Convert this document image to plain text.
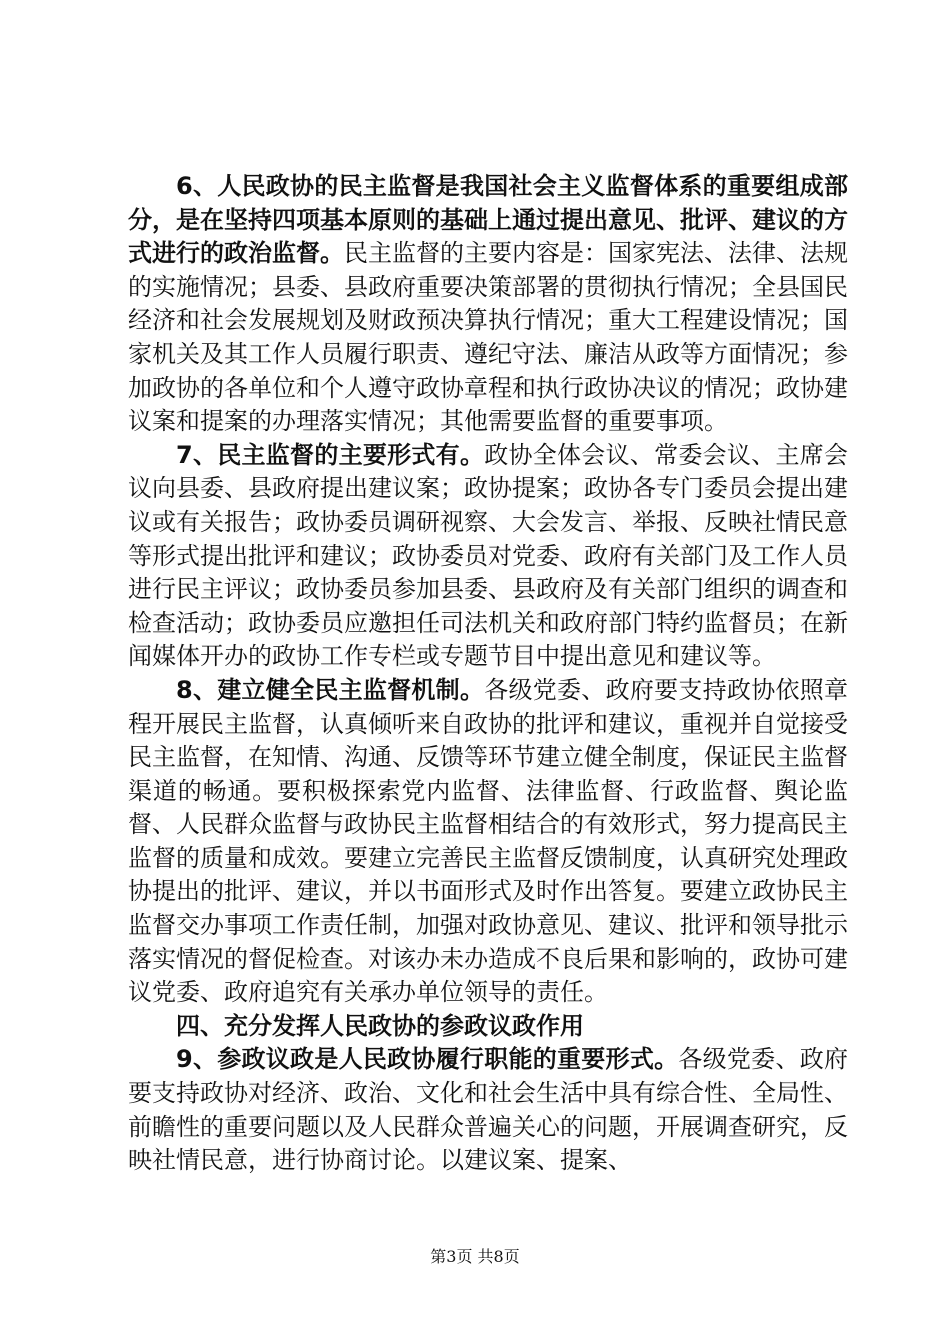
6、人民政协的民主监督是我国社会主义监督体系的重要组成部分，是在坚持四项基本原则的基础上通过提出意见、批评、建议的方式进行的政治监督。民主监督的主要内容是：国家宪法、法律、法规的实施情况；县委、县政府重要决策部署的贯彻执行情况；全县国民经济和社会发展规划及财政预决算执行情况；重大工程建设情况；国家机关及其工作人员履行职责、遵纪守法、廉洁从政等方面情况；参加政协的各单位和个人遵守政协章程和执行政协决议的情况；政协建议案和提案的办理落实情况；其他需要监督的重要事项。

7、民主监督的主要形式有。政协全体会议、常委会议、主席会议向县委、县政府提出建议案；政协提案；政协各专门委员会提出建议或有关报告；政协委员调研视察、大会发言、举报、反映社情民意等形式提出批评和建议；政协委员对党委、政府有关部门及工作人员进行民主评议；政协委员参加县委、县政府及有关部门组织的调查和检查活动；政协委员应邀担任司法机关和政府部门特约监督员；在新闻媒体开办的政协工作专栏或专题节目中提出意见和建议等。

8、建立健全民主监督机制。各级党委、政府要支持政协依照章程开展民主监督，认真倾听来自政协的批评和建议，重视并自觉接受民主监督，在知情、沟通、反馈等环节建立健全制度，保证民主监督渠道的畅通。要积极探索党内监督、法律监督、行政监督、舆论监督、人民群众监督与政协民主监督相结合的有效形式，努力提高民主监督的质量和成效。要建立完善民主监督反馈制度，认真研究处理政协提出的批评、建议，并以书面形式及时作出答复。要建立政协民主监督交办事项工作责任制，加强对政协意见、建议、批评和领导批示落实情况的督促检查。对该办未办造成不良后果和影响的，政协可建议党委、政府追究有关承办单位领导的责任。

四、充分发挥人民政协的参政议政作用

9、参政议政是人民政协履行职能的重要形式。各级党委、政府要支持政协对经济、政治、文化和社会生活中具有综合性、全局性、前瞻性的重要问题以及人民群众普遍关心的问题，开展调查研究，反映社情民意，进行协商讨论。以建议案、提案、

第3页 共8页
